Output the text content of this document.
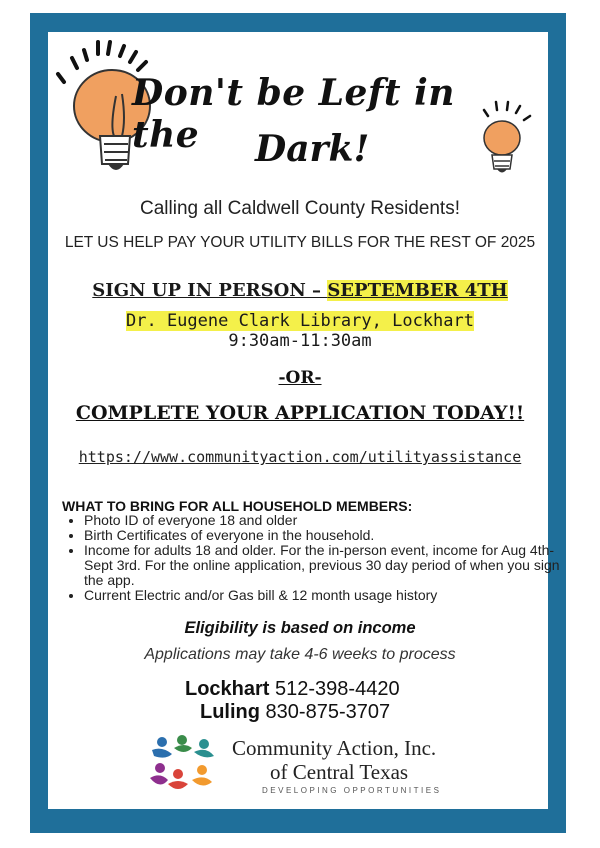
Don't be Left in the	Dark!
Calling all Caldwell County Residents!
LET US HELP PAY YOUR UTILITY BILLS FOR THE REST OF 2025
SIGN UP IN PERSON – SEPTEMBER 4TH
Dr. Eugene Clark Library, Lockhart
9:30am-11:30am
-OR-
COMPLETE YOUR APPLICATION TODAY!!
https://www.communityaction.com/utilityassistance
WHAT TO BRING FOR ALL HOUSEHOLD MEMBERS:
• Photo ID of everyone 18 and older
• Birth Certificates of everyone in the household.
• Income for adults 18 and older. For the in-person event, income for Aug 4th- Sept 3rd. For the online application, previous 30 day period of when you sign the app.
• Current Electric and/or Gas bill & 12 month usage history
Eligibility is based on income
Applications may take 4-6 weeks to process
Lockhart 512-398-4420
Luling 830-875-3707
Community Action, Inc.
of Central Texas
DEVELOPING OPPORTUNITIES
